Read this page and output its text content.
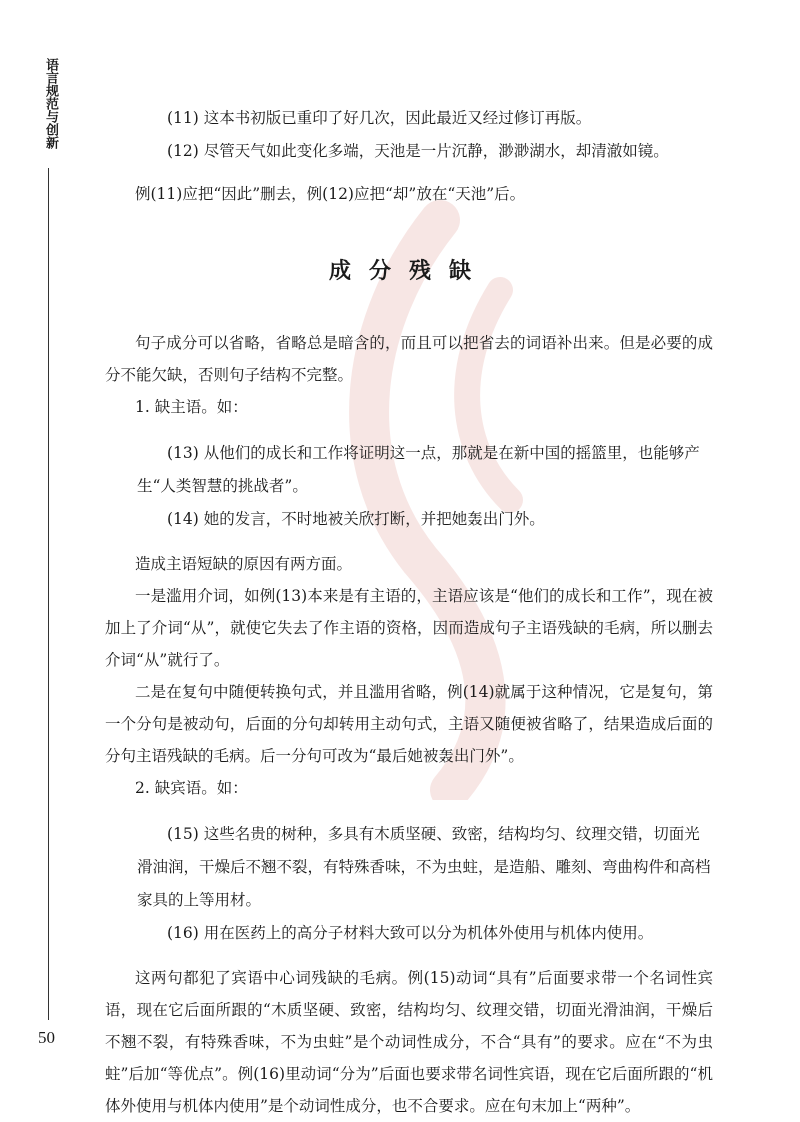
语言规范与创新	(11) 这本书初版已重印了好几次，因此最近又经过修订再版。

(12) 尽管天气如此变化多端，天池是一片沉静，渺渺湖水，却清澈如镜。

例(11)应把“因此”删去，例(12)应把“却”放在“天池”后。

成分残缺

句子成分可以省略，省略总是暗含的，而且可以把省去的词语补出来。但是必要的成分不能欠缺，否则句子结构不完整。

1. 缺主语。如：

(13) 从他们的成长和工作将证明这一点，那就是在新中国的摇篮里，也能够产生“人类智慧的挑战者”。

(14) 她的发言，不时地被关欣打断，并把她轰出门外。

造成主语短缺的原因有两方面。

一是滥用介词，如例(13)本来是有主语的，主语应该是“他们的成长和工作”，现在被加上了介词“从”，就使它失去了作主语的资格，因而造成句子主语残缺的毛病，所以删去介词“从”就行了。

二是在复句中随便转换句式，并且滥用省略，例(14)就属于这种情况，它是复句，第一个分句是被动句，后面的分句却转用主动句式，主语又随便被省略了，结果造成后面的分句主语残缺的毛病。后一分句可改为“最后她被轰出门外”。

2. 缺宾语。如：

(15) 这些名贵的树种，多具有木质坚硬、致密，结构均匀、纹理交错，切面光滑油润，干燥后不翘不裂，有特殊香味，不为虫蛀，是造船、雕刻、弯曲构件和高档家具的上等用材。

(16) 用在医药上的高分子材料大致可以分为机体外使用与机体内使用。

这两句都犯了宾语中心词残缺的毛病。例(15)动词“具有”后面要求带一个名词性宾语，现在它后面所跟的“木质坚硬、致密，结构均匀、纹理交错，切面光滑油润，干燥后不翘不裂，有特殊香味，不为虫蛀”是个动词性成分，不合“具有”的要求。应在“不为虫蛀”后加“等优点”。例(16)里动词“分为”后面也要求带名词性宾语，现在它后面所跟的“机体外使用与机体内使用”是个动词性成分，也不合要求。应在句末加上“两种”。

50
